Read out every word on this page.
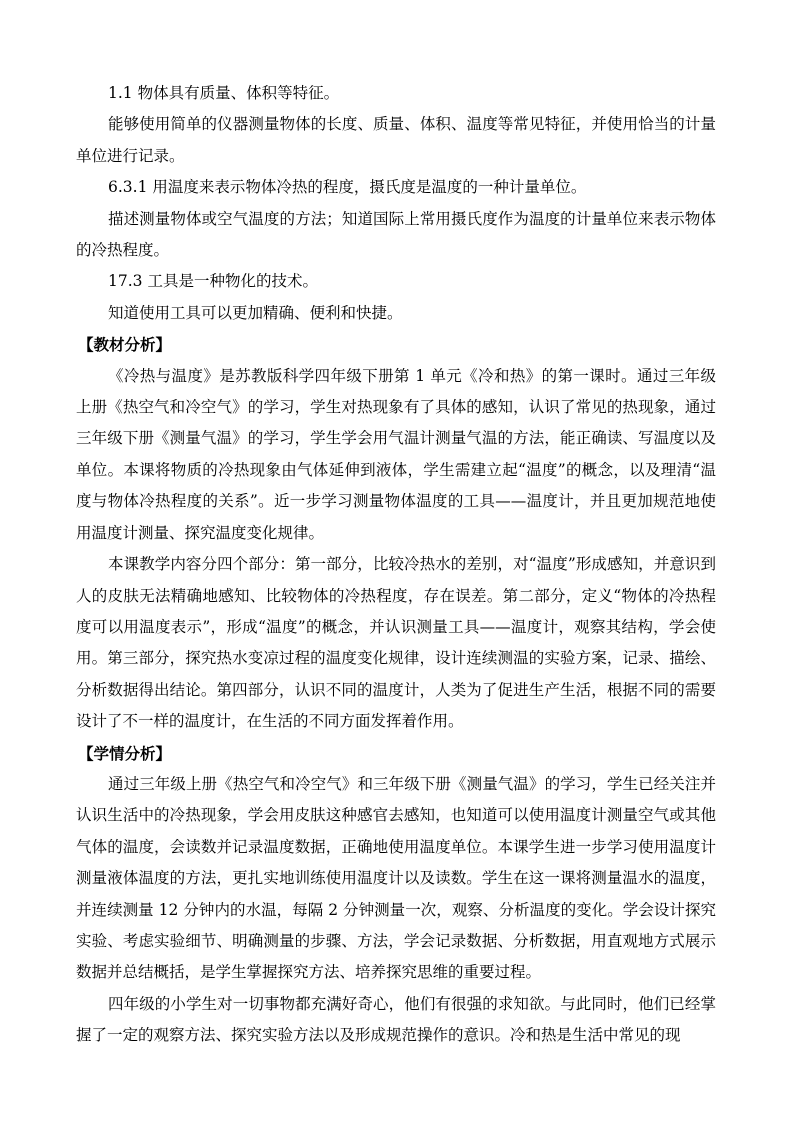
1.1 物体具有质量、体积等特征。

能够使用简单的仪器测量物体的长度、质量、体积、温度等常见特征，并使用恰当的计量单位进行记录。

6.3.1 用温度来表示物体冷热的程度，摄氏度是温度的一种计量单位。

描述测量物体或空气温度的方法；知道国际上常用摄氏度作为温度的计量单位来表示物体的冷热程度。

17.3 工具是一种物化的技术。

知道使用工具可以更加精确、便利和快捷。

【教材分析】

《冷热与温度》是苏教版科学四年级下册第 1 单元《冷和热》的第一课时。通过三年级上册《热空气和冷空气》的学习，学生对热现象有了具体的感知，认识了常见的热现象，通过三年级下册《测量气温》的学习，学生学会用气温计测量气温的方法，能正确读、写温度以及单位。本课将物质的冷热现象由气体延伸到液体，学生需建立起“温度”的概念，以及理清“温度与物体冷热程度的关系”。近一步学习测量物体温度的工具——温度计，并且更加规范地使用温度计测量、探究温度变化规律。

本课教学内容分四个部分：第一部分，比较冷热水的差别，对“温度”形成感知，并意识到人的皮肤无法精确地感知、比较物体的冷热程度，存在误差。第二部分，定义“物体的冷热程度可以用温度表示”，形成“温度”的概念，并认识测量工具——温度计，观察其结构，学会使用。第三部分，探究热水变凉过程的温度变化规律，设计连续测温的实验方案，记录、描绘、分析数据得出结论。第四部分，认识不同的温度计，人类为了促进生产生活，根据不同的需要设计了不一样的温度计，在生活的不同方面发挥着作用。

【学情分析】

通过三年级上册《热空气和冷空气》和三年级下册《测量气温》的学习，学生已经关注并认识生活中的冷热现象，学会用皮肤这种感官去感知，也知道可以使用温度计测量空气或其他气体的温度，会读数并记录温度数据，正确地使用温度单位。本课学生进一步学习使用温度计测量液体温度的方法，更扎实地训练使用温度计以及读数。学生在这一课将测量温水的温度，并连续测量 12 分钟内的水温，每隔 2 分钟测量一次，观察、分析温度的变化。学会设计探究实验、考虑实验细节、明确测量的步骤、方法，学会记录数据、分析数据，用直观地方式展示数据并总结概括，是学生掌握探究方法、培养探究思维的重要过程。

四年级的小学生对一切事物都充满好奇心，他们有很强的求知欲。与此同时，他们已经掌握了一定的观察方法、探究实验方法以及形成规范操作的意识。冷和热是生活中常见的现
